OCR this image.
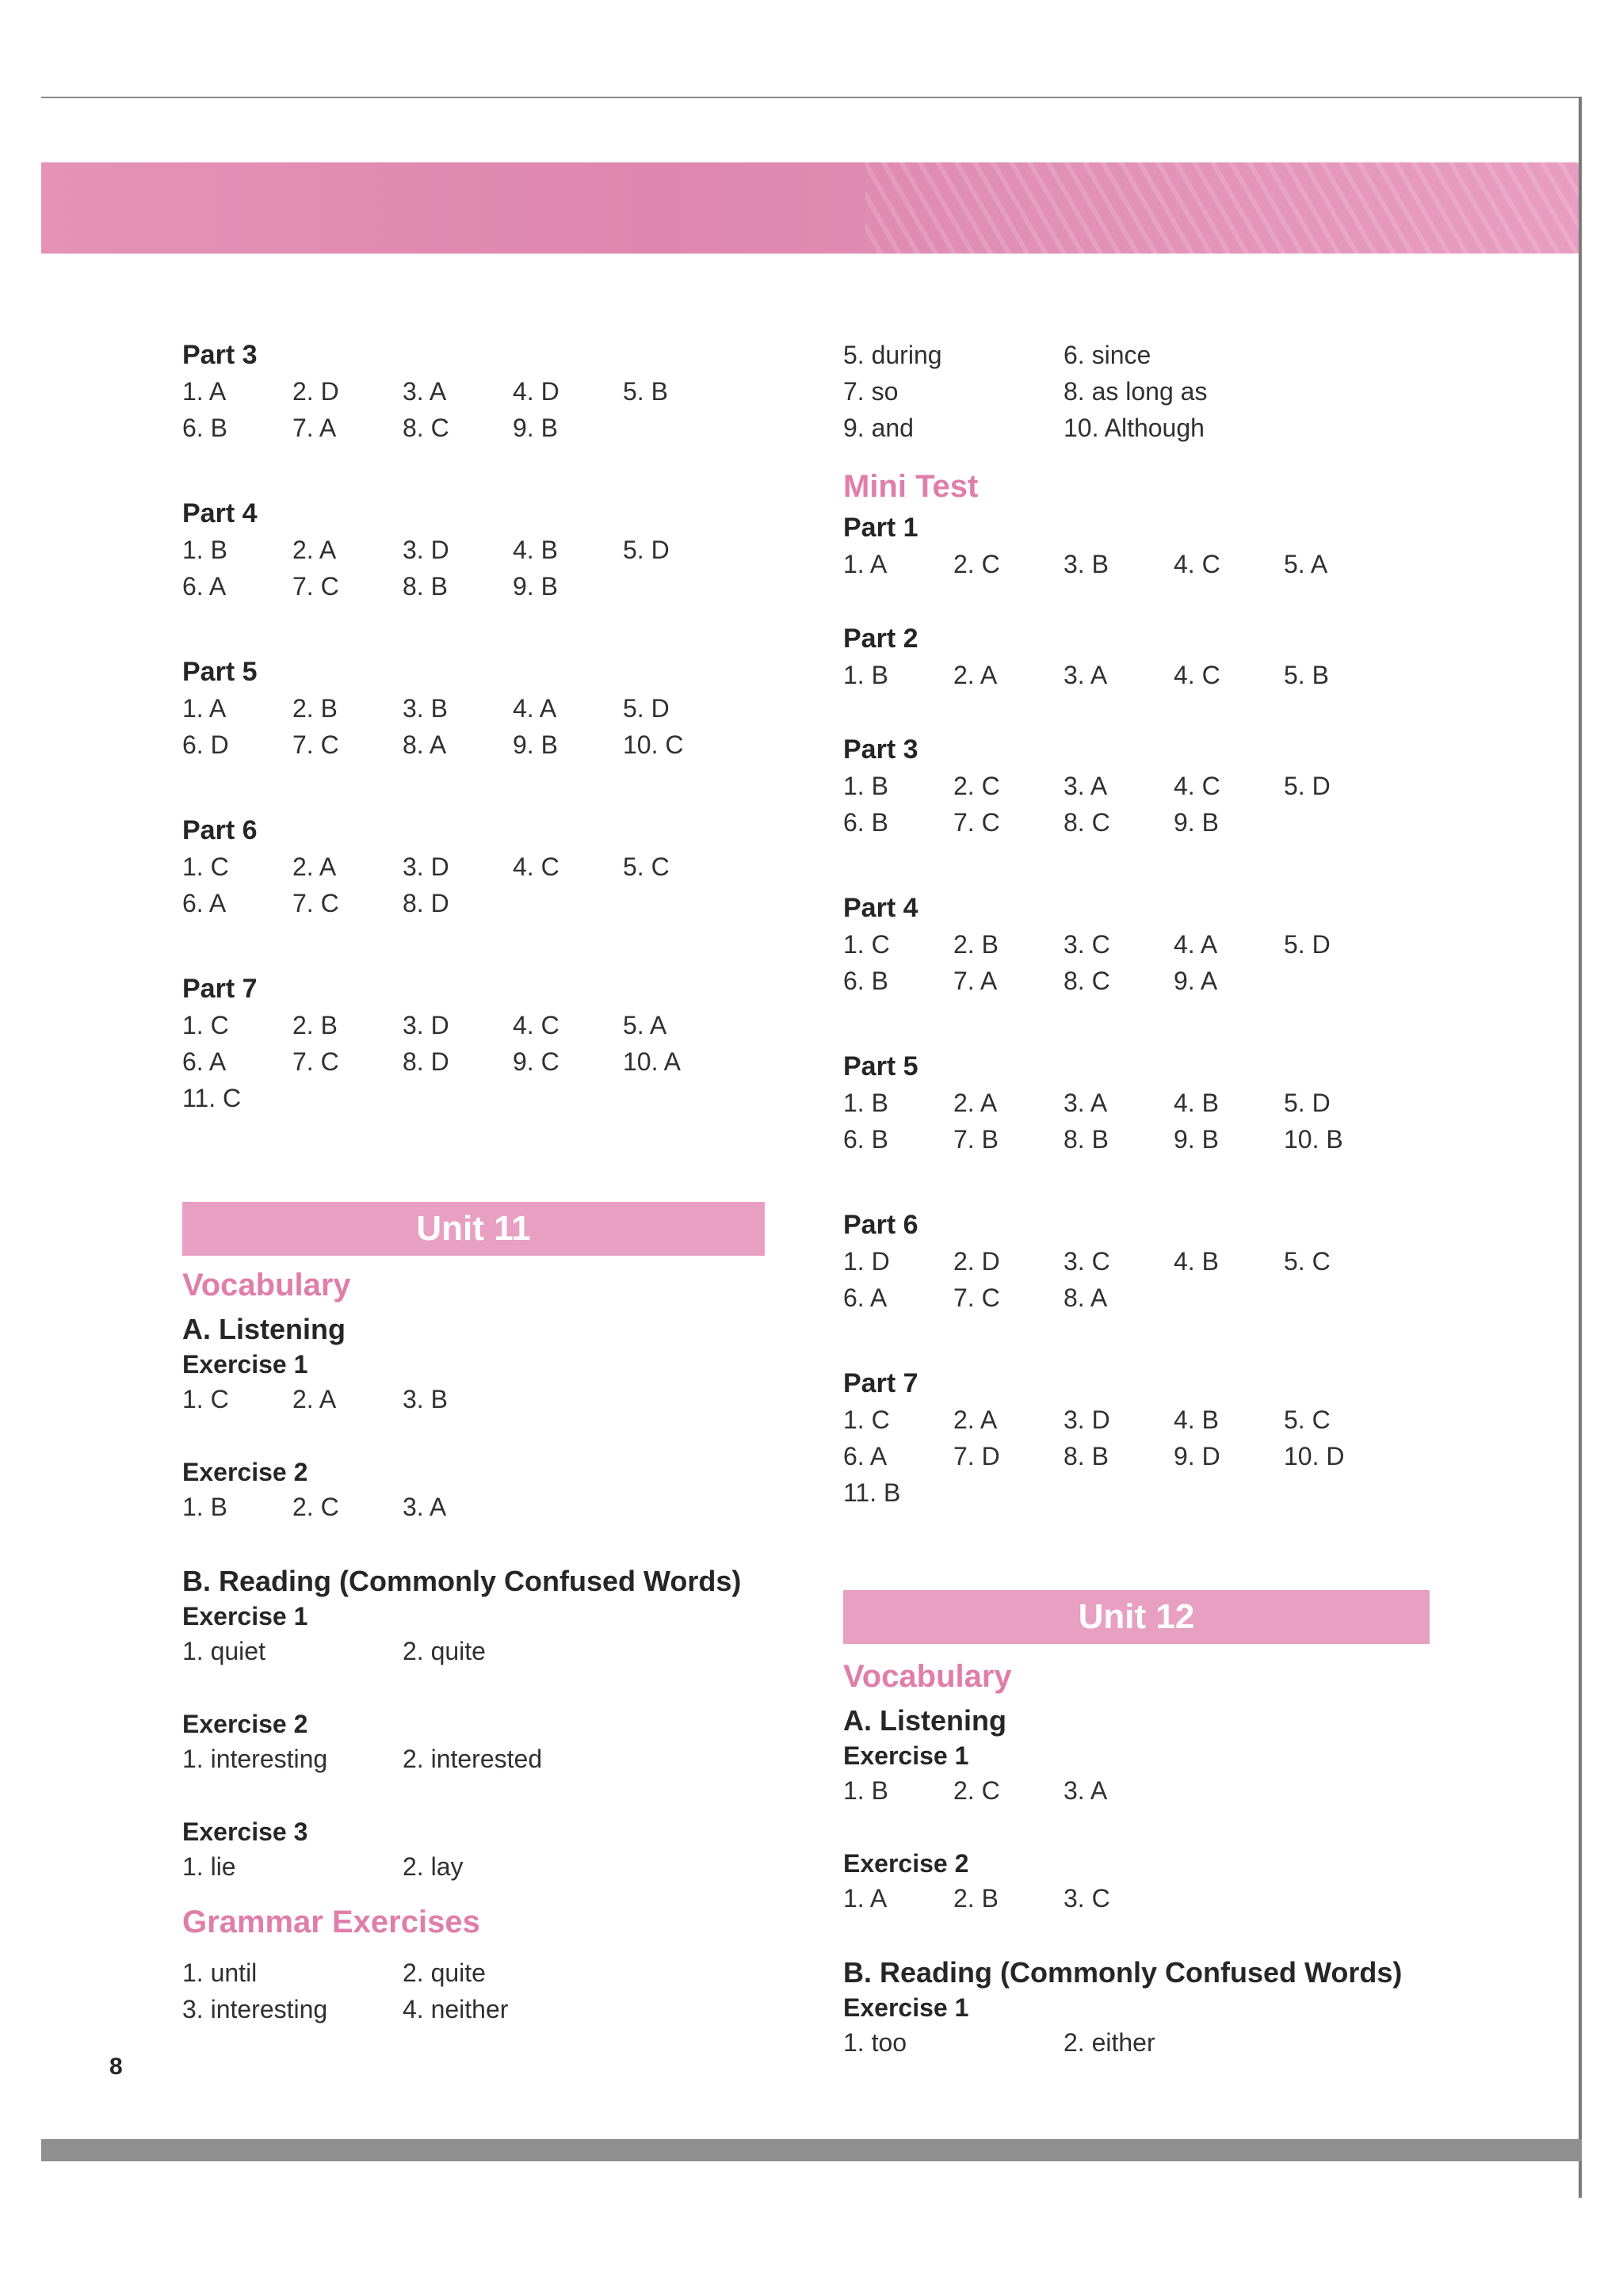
Part 3
1. A	2. D	3. A	4. D	5. B
6. B	7. A	8. C	9. B
Part 4
1. B	2. A	3. D	4. B	5. D
6. A	7. C	8. B	9. B
Part 5
1. A	2. B	3. B	4. A	5. D
6. D	7. C	8. A	9. B	10. C
Part 6
1. C	2. A	3. D	4. C	5. C
6. A	7. C	8. D
Part 7
1. C	2. B	3. D	4. C	5. A
6. A	7. C	8. D	9. C	10. A
11. C
Unit 11
Vocabulary
A. Listening
Exercise 1
1. C	2. A	3. B
Exercise 2
1. B	2. C	3. A
B. Reading (Commonly Confused Words)
Exercise 1
1. quiet	2. quite
Exercise 2
1. interesting	2. interested
Exercise 3
1. lie	2. lay
Grammar Exercises
1. until	2. quite
3. interesting	4. neither
5. during	6. since
7. so	8. as long as
9. and	10. Although
Mini Test
Part 1
1. A	2. C	3. B	4. C	5. A
Part 2
1. B	2. A	3. A	4. C	5. B
Part 3
1. B	2. C	3. A	4. C	5. D
6. B	7. C	8. C	9. B
Part 4
1. C	2. B	3. C	4. A	5. D
6. B	7. A	8. C	9. A
Part 5
1. B	2. A	3. A	4. B	5. D
6. B	7. B	8. B	9. B	10. B
Part 6
1. D	2. D	3. C	4. B	5. C
6. A	7. C	8. A
Part 7
1. C	2. A	3. D	4. B	5. C
6. A	7. D	8. B	9. D	10. D
11. B
Unit 12
Vocabulary
A. Listening
Exercise 1
1. B	2. C	3. A
Exercise 2
1. A	2. B	3. C
B. Reading (Commonly Confused Words)
Exercise 1
1. too	2. either
8
